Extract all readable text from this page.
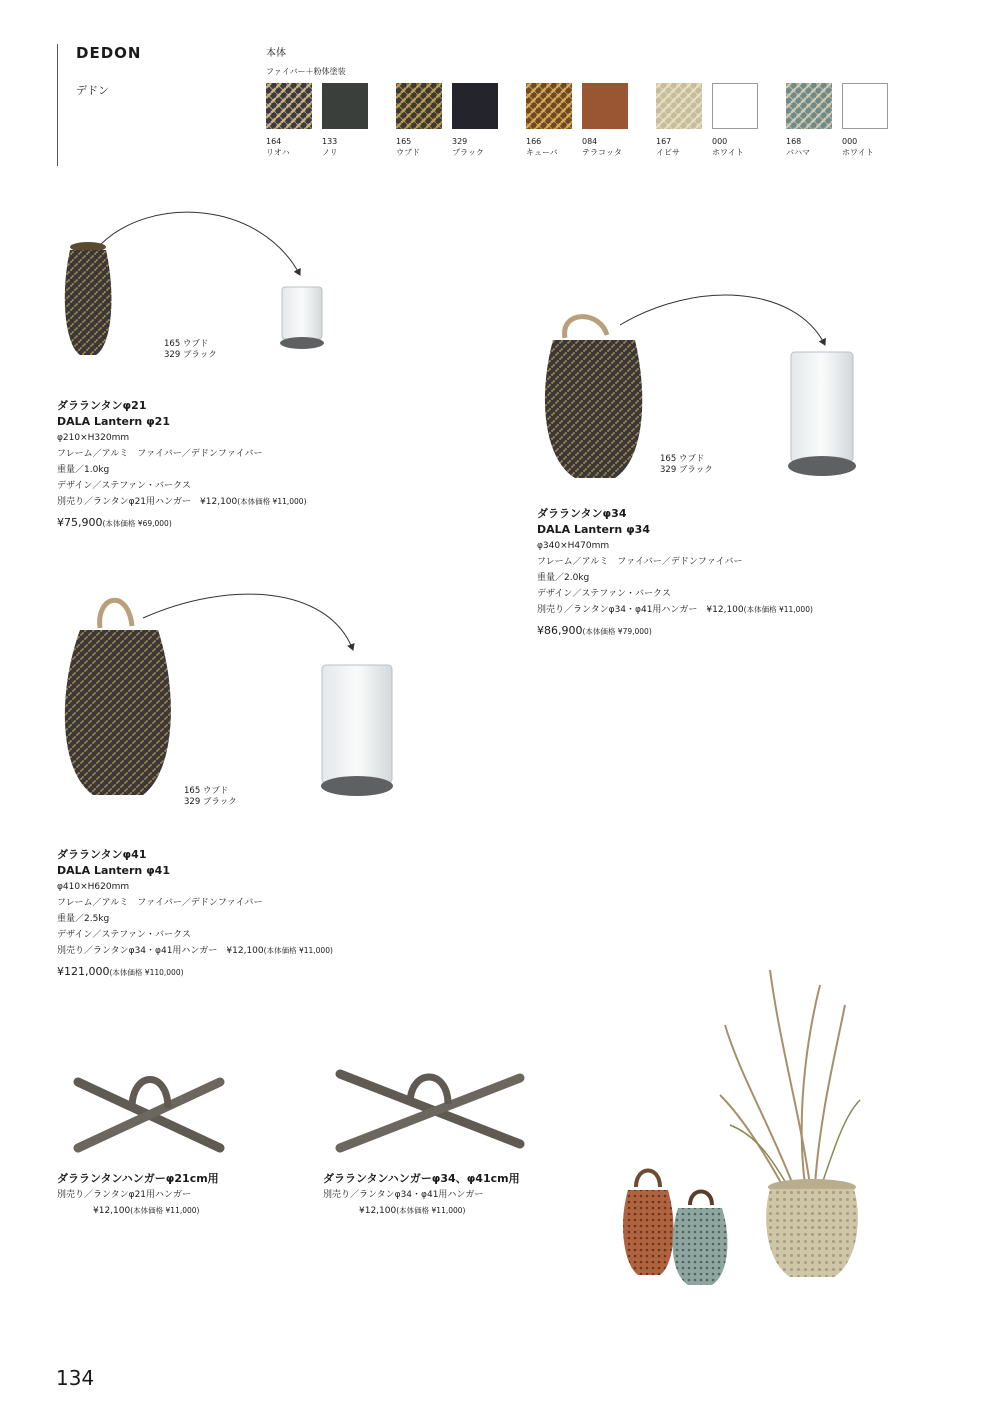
DEDON
デドン
本体
ファイバー＋粉体塗装
164
リオハ
133
ノリ
165
ウブド
329
ブラック
166
キューバ
084
テラコッタ
167
イビサ
000
ホワイト
168
バハマ
000
ホワイト
165 ウブド
329 ブラック
ダラランタンφ21
DALA Lantern φ21
φ210×H320mm
フレーム／アルミ　ファイバー／デドンファイバー
重量／1.0kg
デザイン／ステファン・バークス
別売り／ランタンφ21用ハンガー　¥12,100(本体価格 ¥11,000)
¥75,900(本体価格 ¥69,000)
165 ウブド
329 ブラック
ダラランタンφ34
DALA Lantern φ34
φ340×H470mm
フレーム／アルミ　ファイバー／デドンファイバー
重量／2.0kg
デザイン／ステファン・バークス
別売り／ランタンφ34・φ41用ハンガー　¥12,100(本体価格 ¥11,000)
¥86,900(本体価格 ¥79,000)
165 ウブド
329 ブラック
ダラランタンφ41
DALA Lantern φ41
φ410×H620mm
フレーム／アルミ　ファイバー／デドンファイバー
重量／2.5kg
デザイン／ステファン・バークス
別売り／ランタンφ34・φ41用ハンガー　¥12,100(本体価格 ¥11,000)
¥121,000(本体価格 ¥110,000)
ダラランタンハンガーφ21cm用
別売り／ランタンφ21用ハンガー
¥12,100(本体価格 ¥11,000)
ダラランタンハンガーφ34、φ41cm用
別売り／ランタンφ34・φ41用ハンガー
¥12,100(本体価格 ¥11,000)
134
